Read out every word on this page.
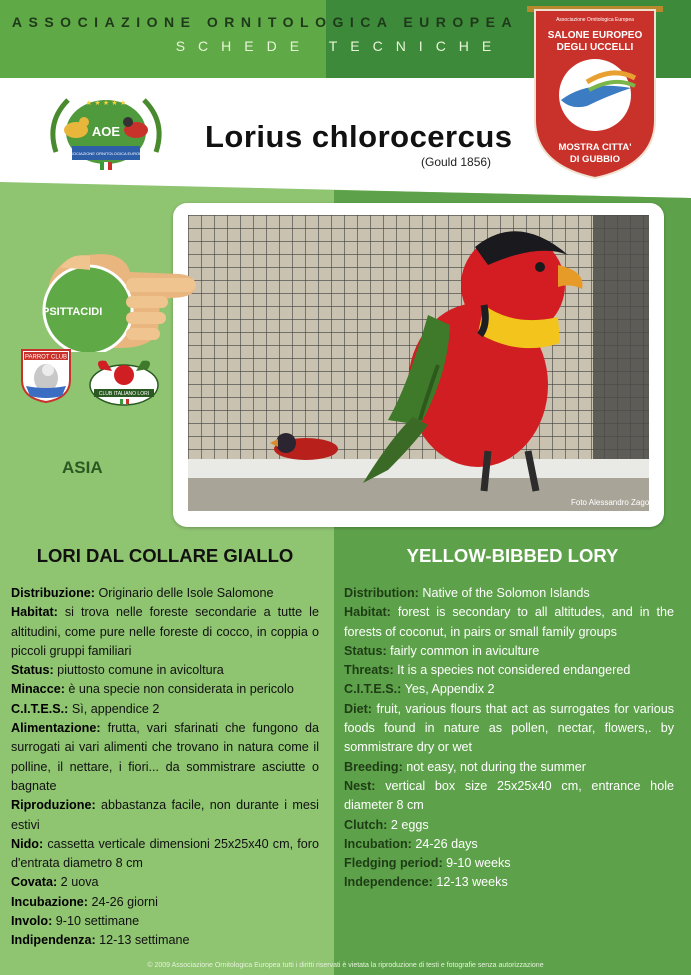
ASSOCIAZIONE ORNITOLOGICA EUROPEA
SCHEDE TECNICHE
★ ★ ★ ★ ★
AOE
ASSOCIAZIONE ORNITOLOGICA EUROPEA Lorius chlorocercus
(Gould 1856)
Associazione Ornitologica Europea
SALONE EUROPEO
DEGLI UCCELLI
MOSTRA CITTA'
DI GUBBIO
Foto Alessandro Zago
PSITTACIDI
PARROT CLUB
CLUB ITALIANO LORI
ASIA
LORI DAL COLLARE GIALLO	YELLOW-BIBBED LORY

Distribuzione: Originario delle Isole Salomone

Habitat: si trova nelle foreste secondarie a tutte le altitudini, come pure nelle foreste di cocco, in coppia o piccoli gruppi familiari

Status: piuttosto comune in avicoltura

Minacce: è una specie non considerata in pericolo

C.I.T.E.S.: Sì, appendice 2

Alimentazione: frutta, vari sfarinati che fungono da surrogati ai vari alimenti che trovano in natura come il polline, il nettare, i fiori... da sommistrare asciutte o bagnate

Riproduzione: abbastanza facile, non durante i mesi estivi

Nido: cassetta verticale dimensioni 25x25x40 cm, foro d'entrata diametro 8 cm

Covata: 2 uova

Incubazione: 24-26 giorni

Involo: 9-10 settimane

Indipendenza: 12-13 settimane

Distribution: Native of the Solomon Islands

Habitat: forest is secondary to all altitudes, and in the forests of coconut, in pairs or small family groups

Status: fairly common in aviculture

Threats: It is a species not considered endangered

C.I.T.E.S.: Yes, Appendix 2

Diet: fruit, various flours that act as surrogates for various foods found in nature as pollen, nectar, flowers,. by sommistrare dry or wet

Breeding: not easy, not during the summer

Nest: vertical box size 25x25x40 cm, entrance hole diameter 8 cm

Clutch: 2 eggs

Incubation: 24-26 days

Fledging period: 9-10 weeks

Independence: 12-13 weeks

© 2009 Associazione Ornitologica Europea tutti i diritti riservati è vietata la riproduzione di testi e fotografie senza autorizzazione
